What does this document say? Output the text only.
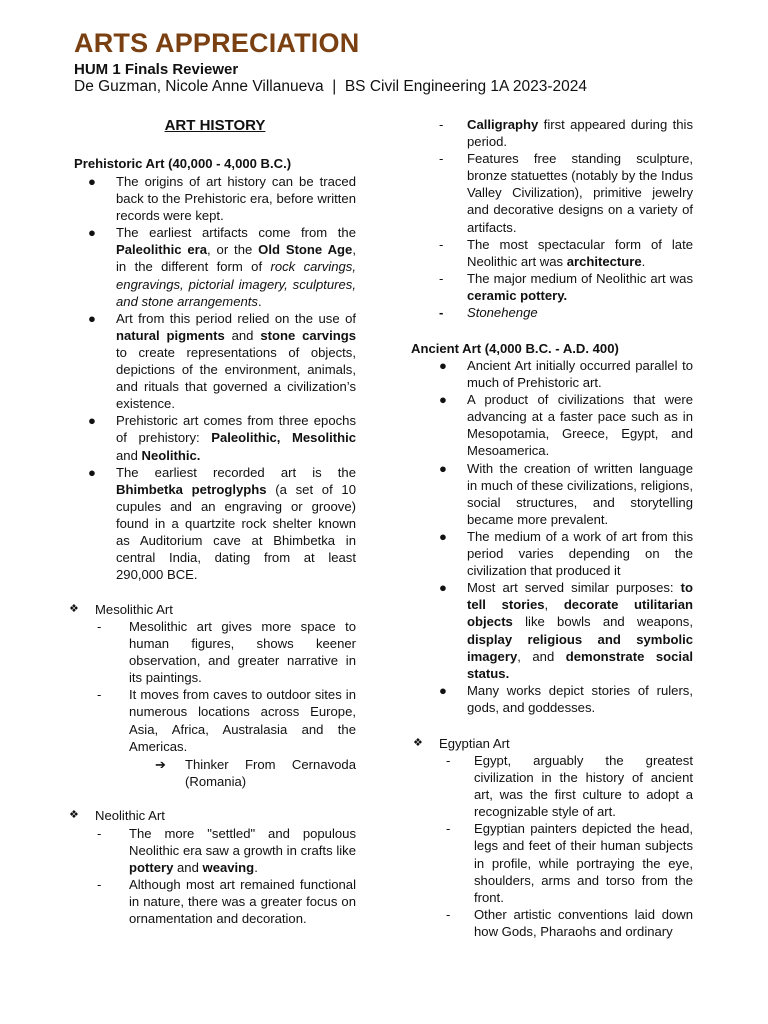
ARTS APPRECIATION
HUM 1 Finals Reviewer
De Guzman, Nicole Anne Villanueva  |  BS Civil Engineering 1A 2023-2024
ART HISTORY
Prehistoric Art (40,000 - 4,000 B.C.)
● The origins of art history can be traced back to the Prehistoric era, before written records were kept.
● The earliest artifacts come from the Paleolithic era, or the Old Stone Age, in the different form of rock carvings, engravings, pictorial imagery, sculptures, and stone arrangements.
● Art from this period relied on the use of natural pigments and stone carvings to create representations of objects, depictions of the environment, animals, and rituals that governed a civilization’s existence.
● Prehistoric art comes from three epochs of prehistory: Paleolithic, Mesolithic and Neolithic.
● The earliest recorded art is the Bhimbetka petroglyphs (a set of 10 cupules and an engraving or groove) found in a quartzite rock shelter known as Auditorium cave at Bhimbetka in central India, dating from at least 290,000 BCE.
❖ Mesolithic Art
- Mesolithic art gives more space to human figures, shows keener observation, and greater narrative in its paintings.
- It moves from caves to outdoor sites in numerous locations across Europe, Asia, Africa, Australasia and the Americas.
➔ Thinker From Cernavoda (Romania)
❖ Neolithic Art
- The more "settled" and populous Neolithic era saw a growth in crafts like pottery and weaving.
- Although most art remained functional in nature, there was a greater focus on ornamentation and decoration.
- Calligraphy first appeared during this period.
- Features free standing sculpture, bronze statuettes (notably by the Indus Valley Civilization), primitive jewelry and decorative designs on a variety of artifacts.
- The most spectacular form of late Neolithic art was architecture.
- The major medium of Neolithic art was ceramic pottery.
- Stonehenge
Ancient Art (4,000 B.C. - A.D. 400)
● Ancient Art initially occurred parallel to much of Prehistoric art.
● A product of civilizations that were advancing at a faster pace such as in Mesopotamia, Greece, Egypt, and Mesoamerica.
● With the creation of written language in much of these civilizations, religions, social structures, and storytelling became more prevalent.
● The medium of a work of art from this period varies depending on the civilization that produced it
● Most art served similar purposes: to tell stories, decorate utilitarian objects like bowls and weapons, display religious and symbolic imagery, and demonstrate social status.
● Many works depict stories of rulers, gods, and goddesses.
❖ Egyptian Art
- Egypt, arguably the greatest civilization in the history of ancient art, was the first culture to adopt a recognizable style of art.
- Egyptian painters depicted the head, legs and feet of their human subjects in profile, while portraying the eye, shoulders, arms and torso from the front.
- Other artistic conventions laid down how Gods, Pharaohs and ordinary
